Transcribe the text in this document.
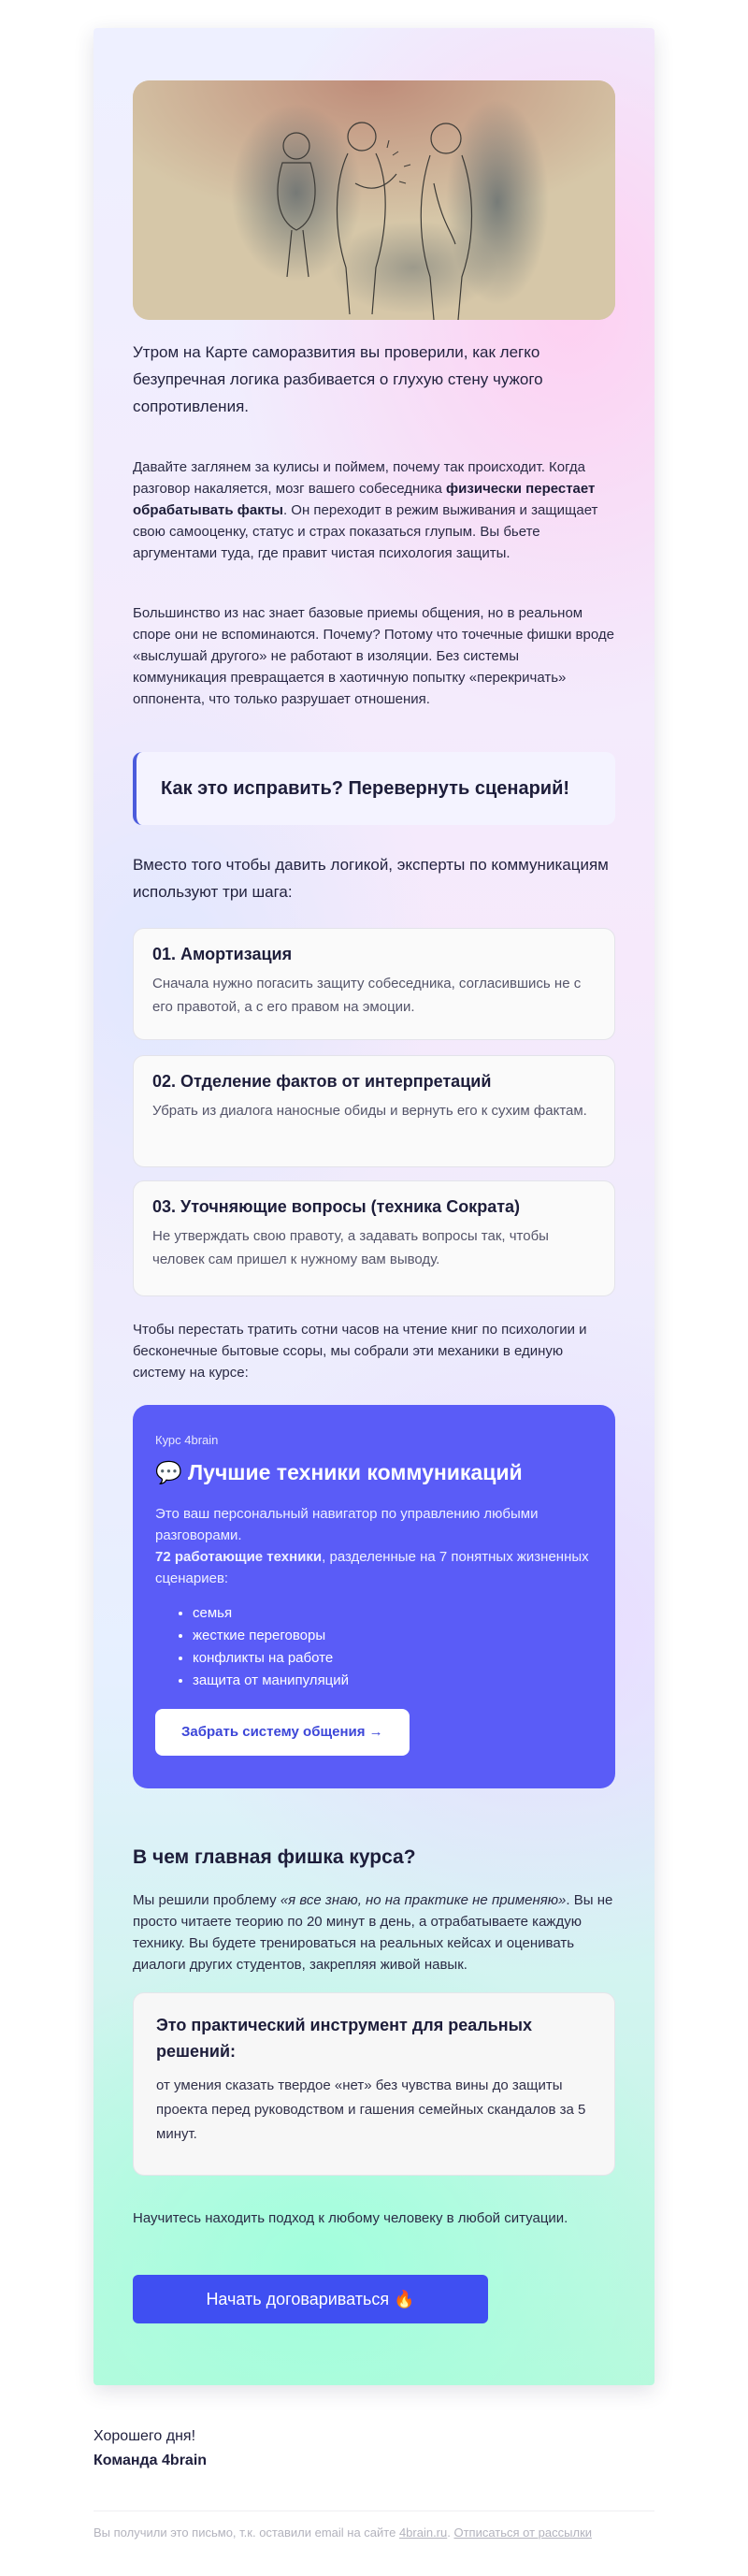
Утром на Карте саморазвития вы проверили, как легко безупречная логика разбивается о глухую стену чужого сопротивления.

Давайте заглянем за кулисы и поймем, почему так происходит. Когда разговор накаляется, мозг вашего собеседника физически перестает обрабатывать факты. Он переходит в режим выживания и защищает свою самооценку, статус и страх показаться глупым. Вы бьете аргументами туда, где правит чистая психология защиты.

Большинство из нас знает базовые приемы общения, но в реальном споре они не вспоминаются. Почему? Потому что точечные фишки вроде «выслушай другого» не работают в изоляции. Без системы коммуникация превращается в хаотичную попытку «перекричать» оппонента, что только разрушает отношения.

Как это исправить? Перевернуть сценарий!

Вместо того чтобы давить логикой, эксперты по коммуникациям используют три шага:

01. Амортизация

Сначала нужно погасить защиту собеседника, согласившись не с его правотой, а с его правом на эмоции.

02. Отделение фактов от интерпретаций

Убрать из диалога наносные обиды и вернуть его к сухим фактам.

03. Уточняющие вопросы (техника Сократа)

Не утверждать свою правоту, а задавать вопросы так, чтобы человек сам пришел к нужному вам выводу.

Чтобы перестать тратить сотни часов на чтение книг по психологии и бесконечные бытовые ссоры, мы собрали эти механики в единую систему на курсе:

Курс 4brain

💬 Лучшие техники коммуникаций

Это ваш персональный навигатор по управлению любыми разговорами.
72 работающие техники, разделенные на 7 понятных жизненных сценариев:

• семья
• жесткие переговоры
• конфликты на работе
• защита от манипуляций
Забрать систему общения →
В чем главная фишка курса?

Мы решили проблему «я все знаю, но на практике не применяю». Вы не просто читаете теорию по 20 минут в день, а отрабатываете каждую технику. Вы будете тренироваться на реальных кейсах и оценивать диалоги других студентов, закрепляя живой навык.

Это практический инструмент для реальных решений:

от умения сказать твердое «нет» без чувства вины до защиты проекта перед руководством и гашения семейных скандалов за 5 минут.

Научитесь находить подход к любому человеку в любой ситуации.

Начать договариваться 🔥

Хорошего дня!

Команда 4brain

Вы получили это письмо, т.к. оставили email на сайте 4brain.ru. Отписаться от рассылки
